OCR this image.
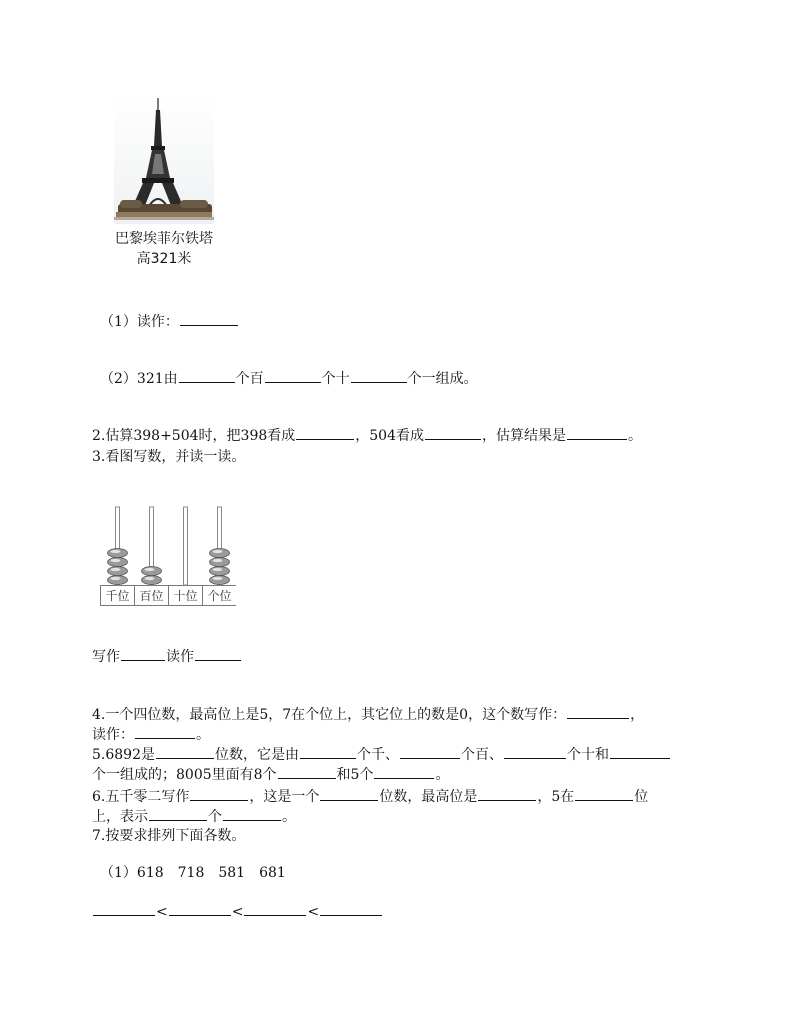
巴黎埃菲尔铁塔
高321米
（1）读作：
（2）321由	个百	个十	个一组成。
2.估算398+504时，把398看成	，504看成	，估算结果是	。
3.看图写数，并读一读。
千位 百位 十位 个位
写作	读作
4.一个四位数，最高位上是5，7在个位上，其它位上的数是0，这个数写作：	，
读作：	。
5.6892是	位数，它是由	个千、	个百、	个十和
个一组成的；8005里面有8个	和5个	。
6.五千零二写作	，这是一个	位数，最高位是	，5在	位
上，表示	个	。
7.按要求排列下面各数。
（1）618　718　581　681
<	<	<
